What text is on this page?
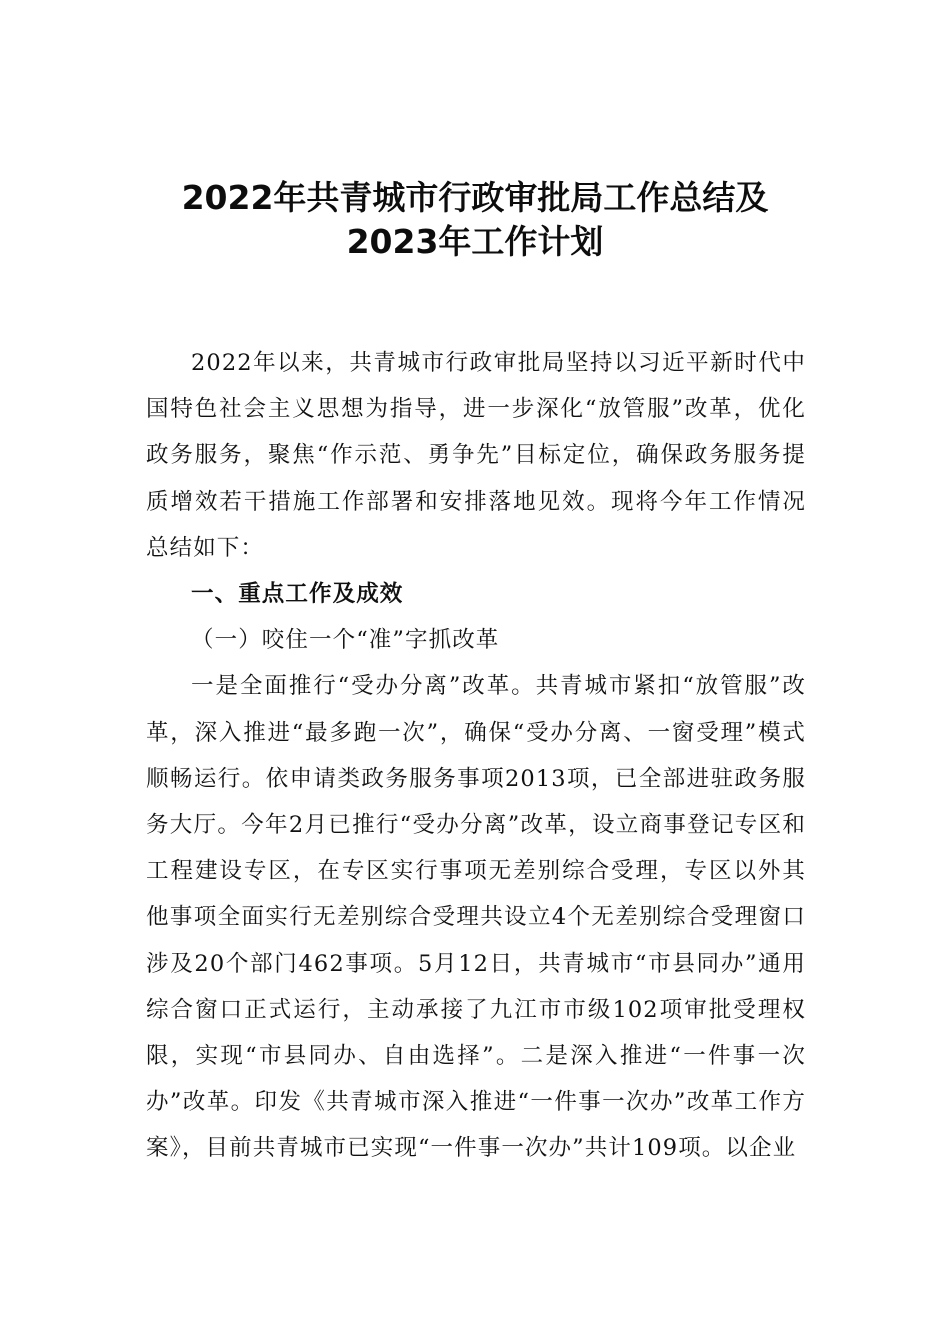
2022年共青城市行政审批局工作总结及
2023年工作计划

2022年以来，共青城市行政审批局坚持以习近平新时代中国特色社会主义思想为指导，进一步深化“放管服”改革，优化政务服务，聚焦“作示范、勇争先”目标定位，确保政务服务提质增效若干措施工作部署和安排落地见效。现将今年工作情况总结如下：

一、重点工作及成效

（一）咬住一个“准”字抓改革

一是全面推行“受办分离”改革。共青城市紧扣“放管服”改革，深入推进“最多跑一次”，确保“受办分离、一窗受理”模式顺畅运行。依申请类政务服务事项2013项，已全部进驻政务服务大厅。今年2月已推行“受办分离”改革，设立商事登记专区和工程建设专区，在专区实行事项无差别综合受理，专区以外其他事项全面实行无差别综合受理共设立4个无差别综合受理窗口涉及20个部门462事项。5月12日，共青城市“市县同办”通用综合窗口正式运行，主动承接了九江市市级102项审批受理权限，实现“市县同办、自由选择”。二是深入推进“一件事一次办”改革。印发《共青城市深入推进“一件事一次办”改革工作方案》，目前共青城市已实现“一件事一次办”共计109项。以企业
